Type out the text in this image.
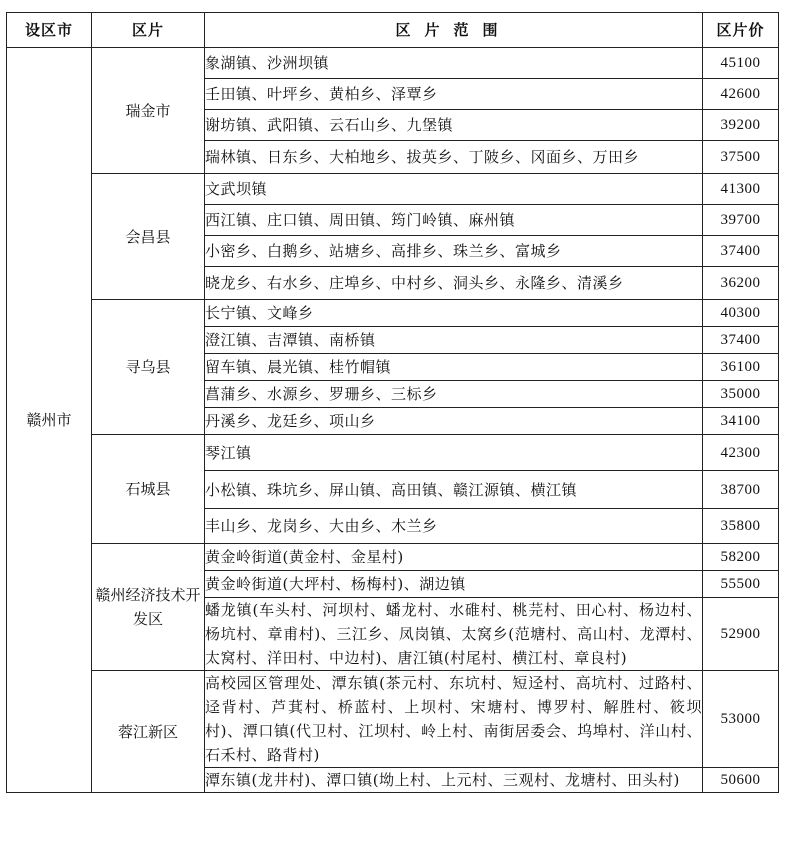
设区市	区片	区片范围	区片价
赣州市	瑞金市	象湖镇、沙洲坝镇	45100
		壬田镇、叶坪乡、黄柏乡、泽覃乡	42600
		谢坊镇、武阳镇、云石山乡、九堡镇	39200
		瑞林镇、日东乡、大柏地乡、拔英乡、丁陂乡、冈面乡、万田乡	37500
	会昌县	文武坝镇	41300
		西江镇、庄口镇、周田镇、筠门岭镇、麻州镇	39700
		小密乡、白鹅乡、站塘乡、高排乡、珠兰乡、富城乡	37400
		晓龙乡、右水乡、庄埠乡、中村乡、洞头乡、永隆乡、清溪乡	36200
	寻乌县	长宁镇、文峰乡	40300
		澄江镇、吉潭镇、南桥镇	37400
		留车镇、晨光镇、桂竹帽镇	36100
		菖蒲乡、水源乡、罗珊乡、三标乡	35000
		丹溪乡、龙廷乡、项山乡	34100
	石城县	琴江镇	42300
		小松镇、珠坑乡、屏山镇、高田镇、赣江源镇、横江镇	38700
		丰山乡、龙岗乡、大由乡、木兰乡	35800
	赣州经济技术开发区	黄金岭街道(黄金村、金星村)	58200
		黄金岭街道(大坪村、杨梅村)、湖边镇	55500
		蟠龙镇(车头村、河坝村、蟠龙村、水碓村、桃芫村、田心村、杨边村、杨坑村、章甫村)、三江乡、凤岗镇、太窝乡(范塘村、高山村、龙潭村、太窝村、洋田村、中边村)、唐江镇(村尾村、横江村、章良村)	52900
	蓉江新区	高校园区管理处、潭东镇(茶元村、东坑村、短迳村、高坑村、过路村、迳背村、芦萁村、桥蓝村、上坝村、宋塘村、博罗村、解胜村、筱坝村)、潭口镇(代卫村、江坝村、岭上村、南街居委会、坞埠村、洋山村、石禾村、路背村)	53000
		潭东镇(龙井村)、潭口镇(坳上村、上元村、三观村、龙塘村、田头村)	50600
